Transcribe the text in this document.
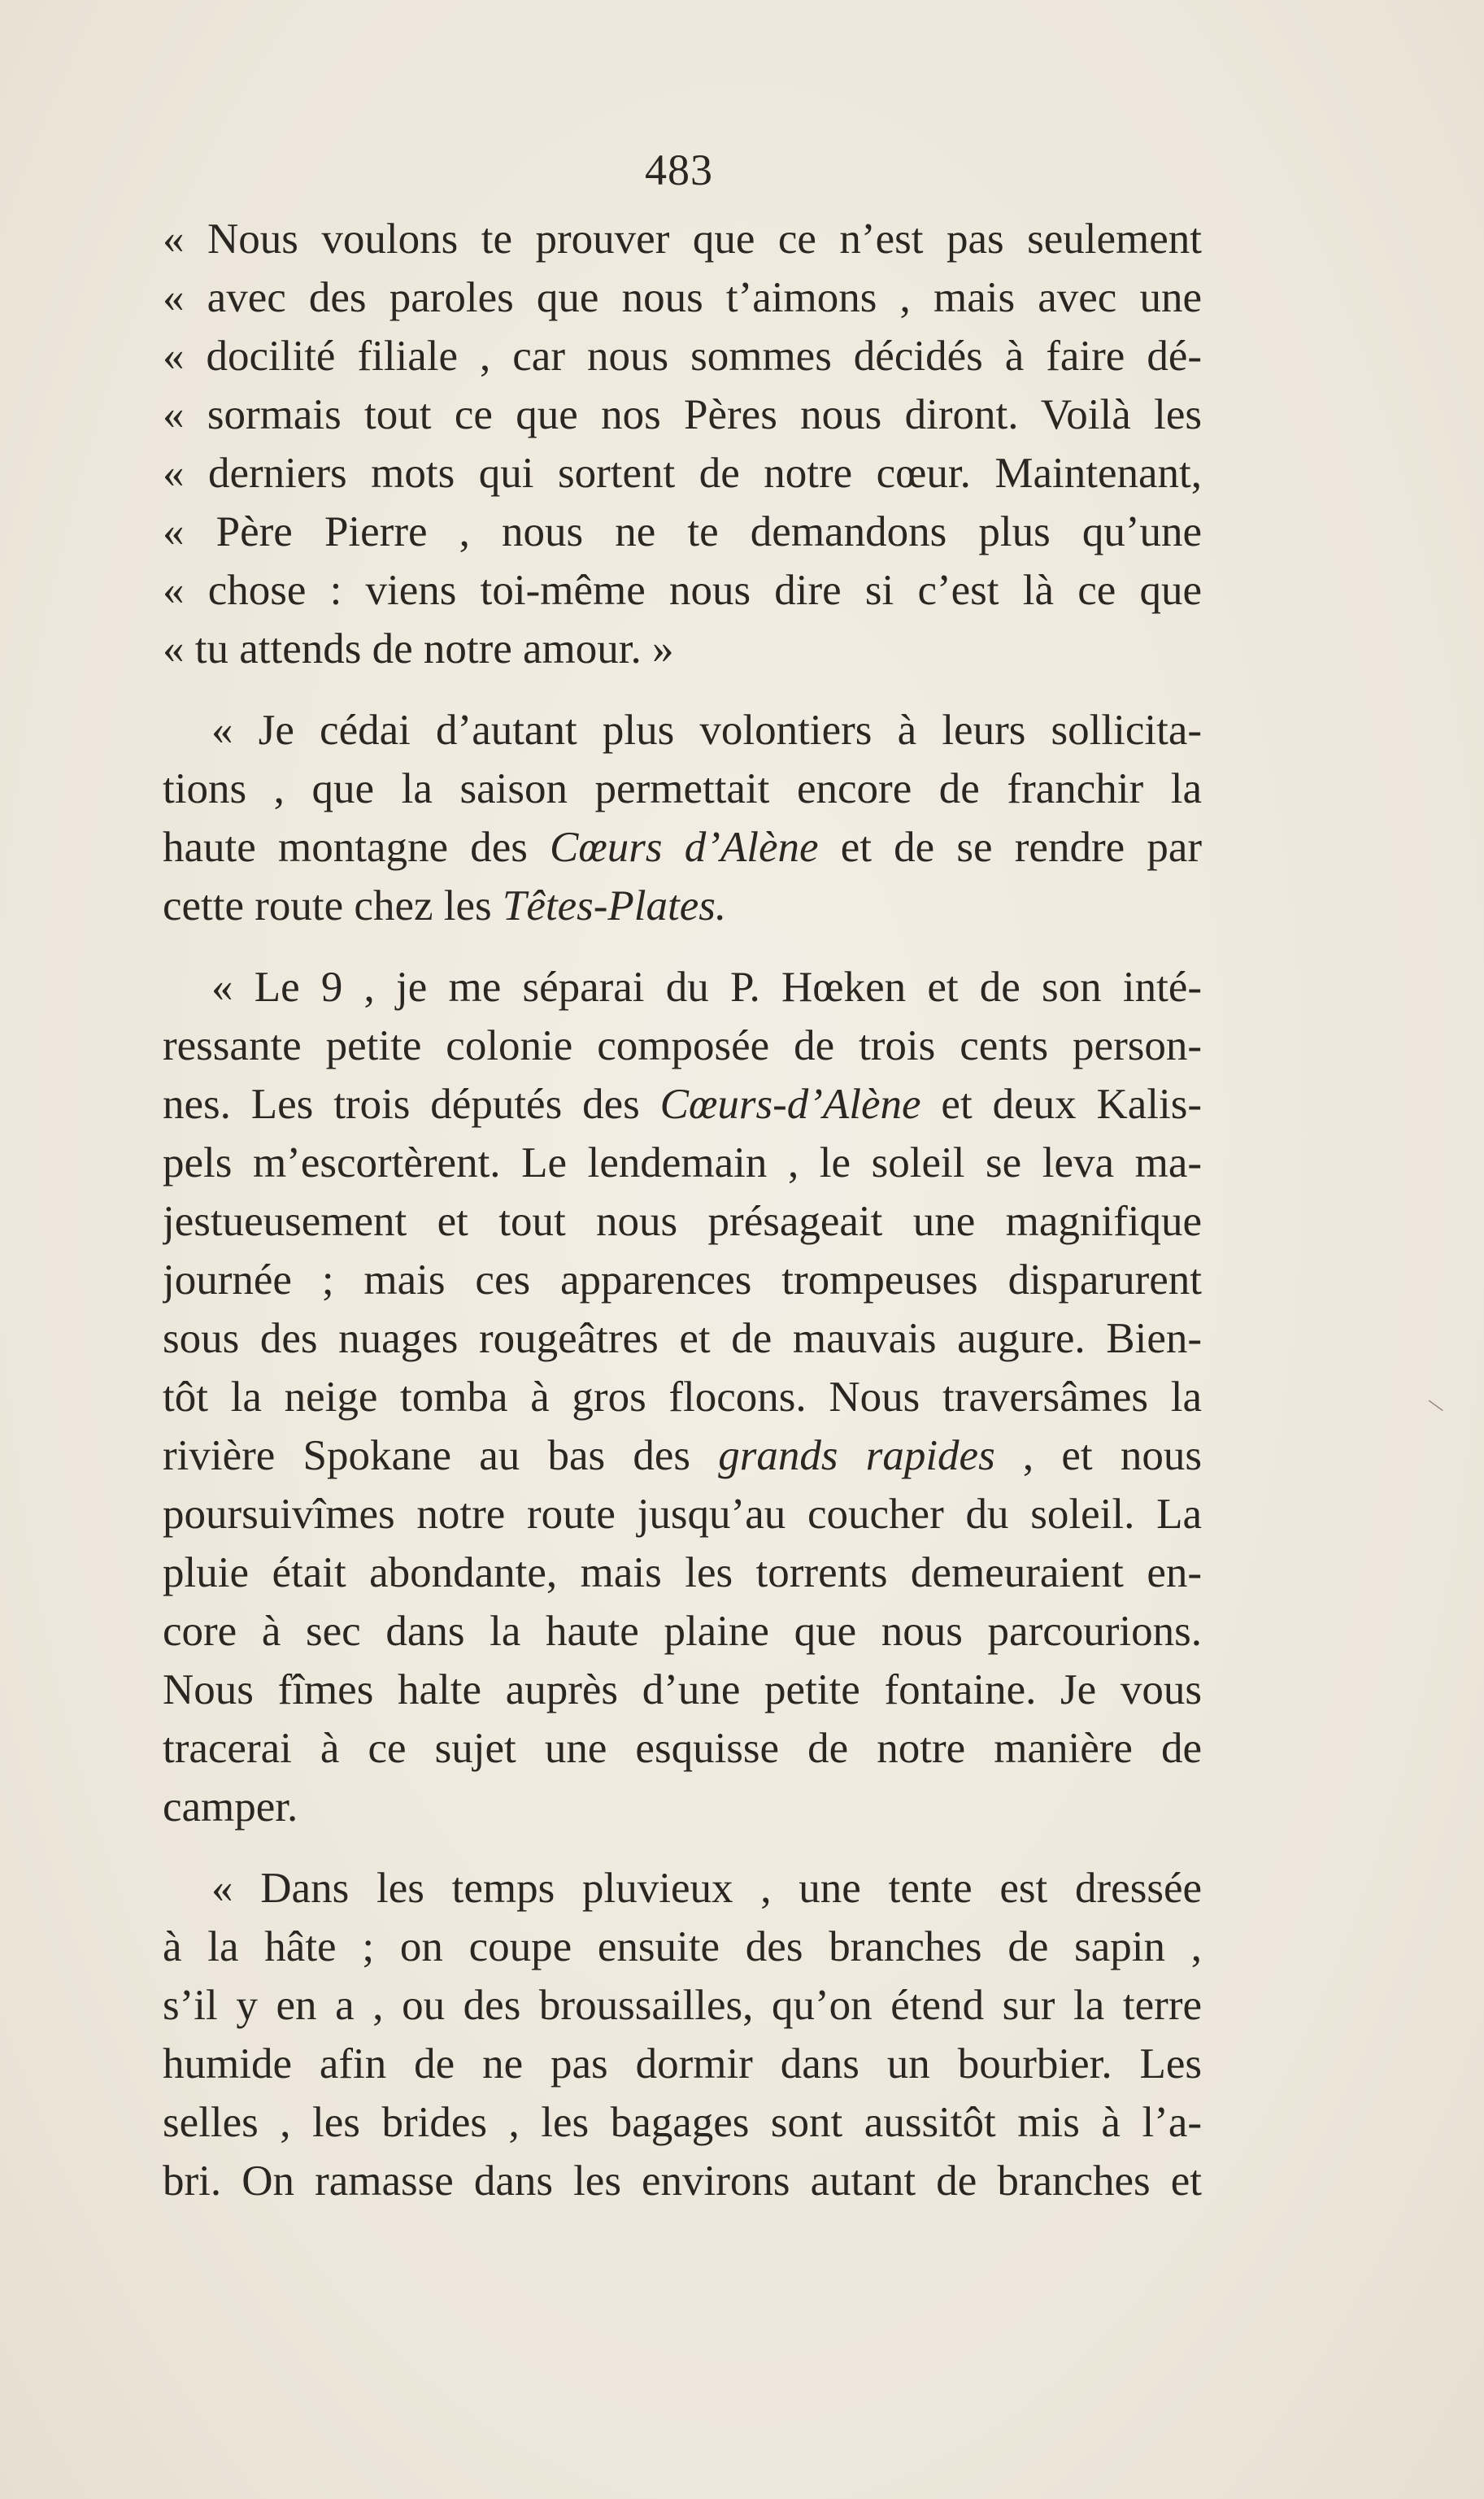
483
« Nous voulons te prouver que ce n’est pas seulement
« avec des paroles que nous t’aimons , mais avec une
« docilité filiale , car nous sommes décidés à faire dé-
« sormais tout ce que nos Pères nous diront. Voilà les
« derniers mots qui sortent de notre cœur. Maintenant,
« Père Pierre , nous ne te demandons plus qu’une
« chose : viens toi-même nous dire si c’est là ce que
« tu attends de notre amour. »
« Je cédai d’autant plus volontiers à leurs sollicita-
tions , que la saison permettait encore de franchir la
haute montagne des Cœurs d’Alène et de se rendre par
cette route chez les Têtes-Plates.
« Le 9 , je me séparai du P. Hœken et de son inté-
ressante petite colonie composée de trois cents person-
nes. Les trois députés des Cœurs-d’Alène et deux Kalis-
pels m’escortèrent. Le lendemain , le soleil se leva ma-
jestueusement et tout nous présageait une magnifique
journée ; mais ces apparences trompeuses disparurent
sous des nuages rougeâtres et de mauvais augure. Bien-
tôt la neige tomba à gros flocons. Nous traversâmes la
rivière Spokane au bas des grands rapides , et nous
poursuivîmes notre route jusqu’au coucher du soleil. La
pluie était abondante, mais les torrents demeuraient en-
core à sec dans la haute plaine que nous parcourions.
Nous fîmes halte auprès d’une petite fontaine. Je vous
tracerai à ce sujet une esquisse de notre manière de
camper.
« Dans les temps pluvieux , une tente est dressée
à la hâte ; on coupe ensuite des branches de sapin ,
s’il y en a , ou des broussailles, qu’on étend sur la terre
humide afin de ne pas dormir dans un bourbier. Les
selles , les brides , les bagages sont aussitôt mis à l’a-
bri. On ramasse dans les environs autant de branches et
\
